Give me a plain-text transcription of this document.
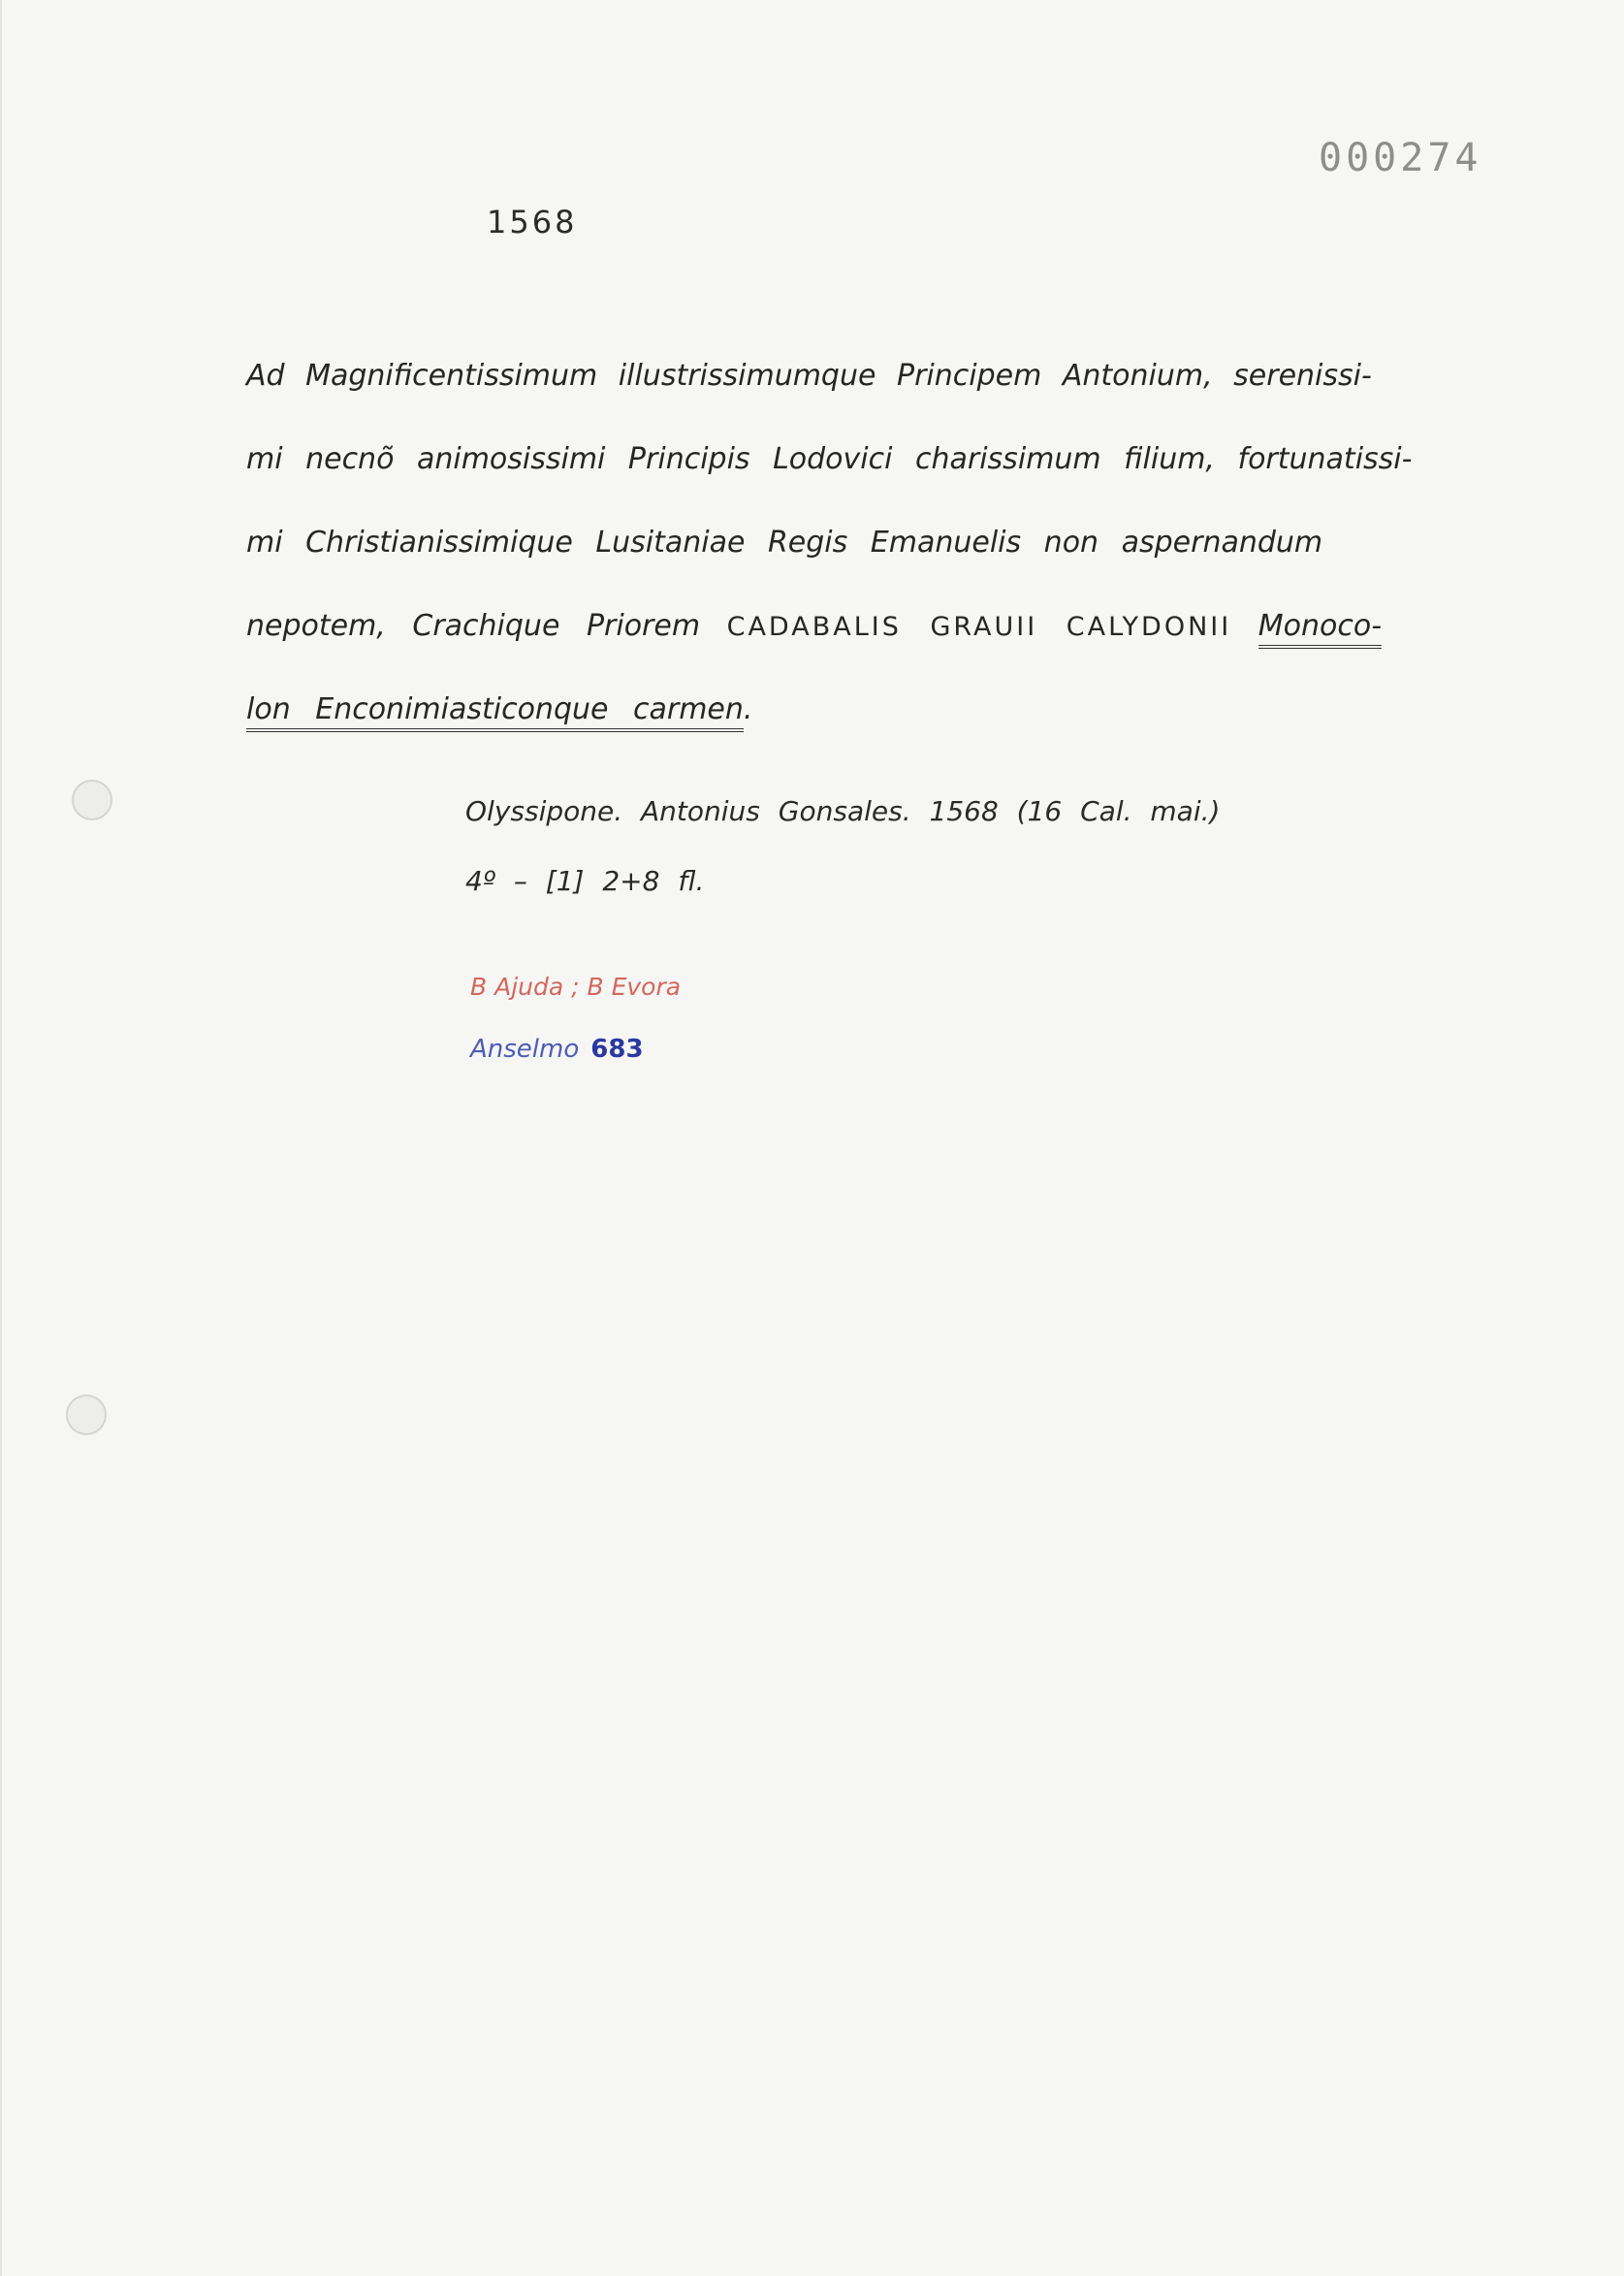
000274
1568
Ad Magnificentissimum illustrissimumque Principem Antonium, serenissi-
mi necnõ animosissimi Principis Lodovici charissimum filium, fortunatissi-
mi Christianissimique Lusitaniae Regis Emanuelis non aspernandum
nepotem, Crachique Priorem CADABALIS GRAUII CALYDONII Monoco-
lon Enconimiasticonque carmen.
Olyssipone. Antonius Gonsales. 1568 (16 Cal. mai.)
4º – [1] 2+8 fl.
B Ajuda ; B Evora
Anselmo 683
